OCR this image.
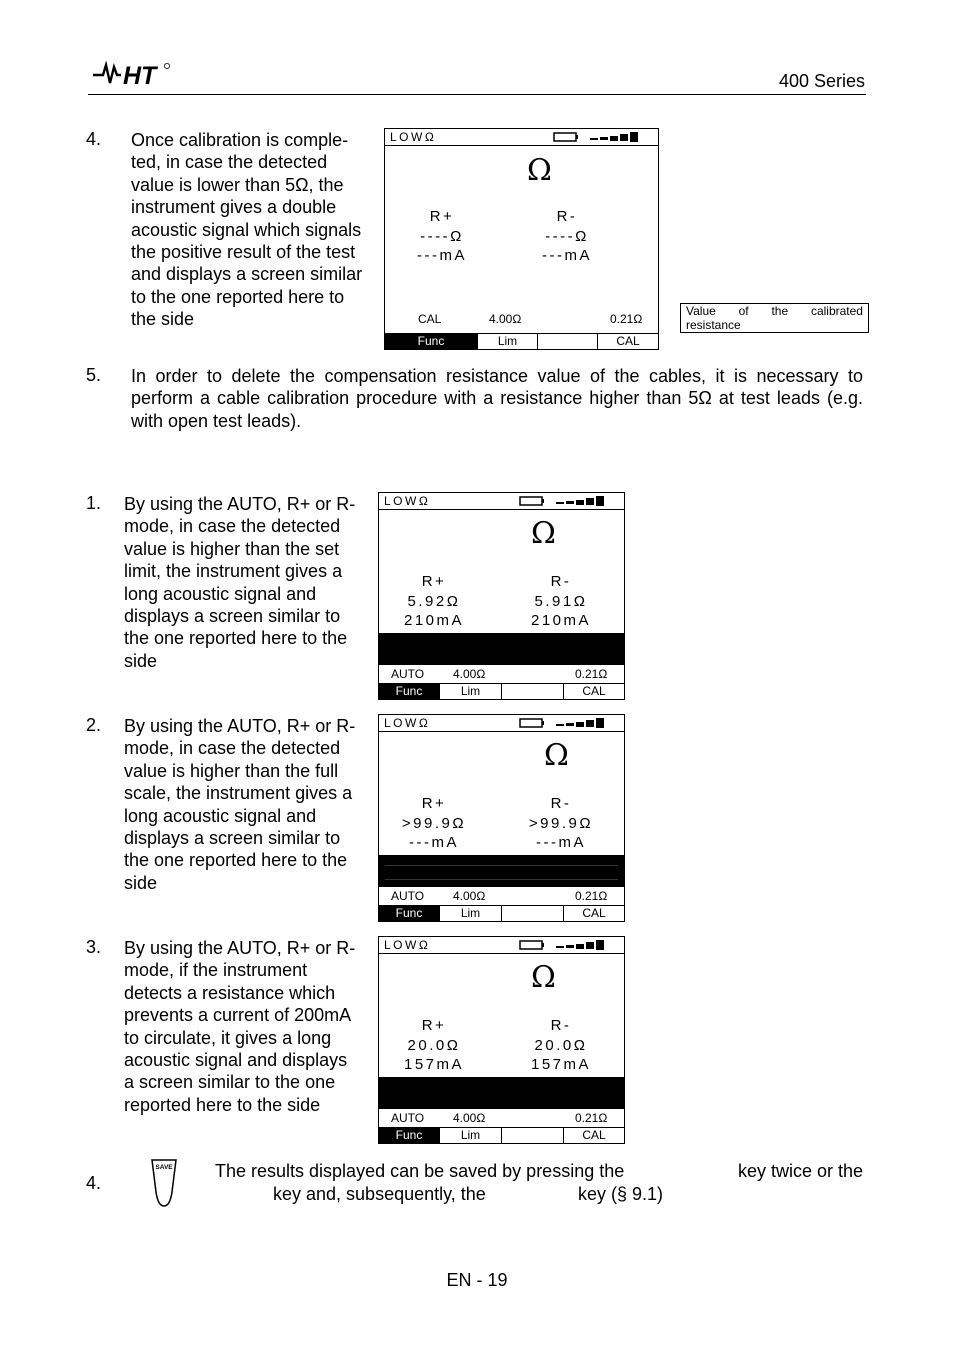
HT	400 Series
4. Once calibration is comple-
ted, in case the detected
value is lower than 5Ω, the
instrument gives a double
acoustic signal which signals
the positive result of the test
and displays a screen similar
to the one reported here to
the side
LOWΩ
Ω
R+
----Ω
---mA
R-
----Ω
---mA
CAL	4.00Ω	0.21Ω
Func	Lim	CAL
Value of the calibrated
resistance
5. In order to delete the compensation resistance value of the cables, it is necessary to perform a cable calibration procedure with a resistance higher than 5Ω at test leads (e.g. with open test leads).
1. By using the AUTO, R+ or R-
mode, in case the detected
value is higher than the set
limit, the instrument gives a
long acoustic signal and
displays a screen similar to
the one reported here to the
side
LOWΩ
Ω
R+
5.92Ω
210mA
R-
5.91Ω
210mA
AUTO 4.00Ω	0.21Ω
Func	Lim	CAL
2. By using the AUTO, R+ or R-
mode, in case the detected
value is higher than the full
scale, the instrument gives a
long acoustic signal and
displays a screen similar to
the one reported here to the
side
LOWΩ
Ω
R+
>99.9Ω
---mA
R-
>99.9Ω
---mA
AUTO 4.00Ω	0.21Ω
Func	Lim	CAL
3. By using the AUTO, R+ or R-
mode, if the instrument
detects a resistance which
prevents a current of 200mA
to circulate, it gives a long
acoustic signal and displays
a screen similar to the one
reported here to the side
LOWΩ
Ω
R+
20.0Ω
157mA
R-
20.0Ω
157mA
AUTO 4.00Ω	0.21Ω
Func	Lim	CAL
4.
SAVE The results displayed can be saved by pressing the	key twice or the
key and, subsequently, the	key (§ 9.1)
EN - 19
